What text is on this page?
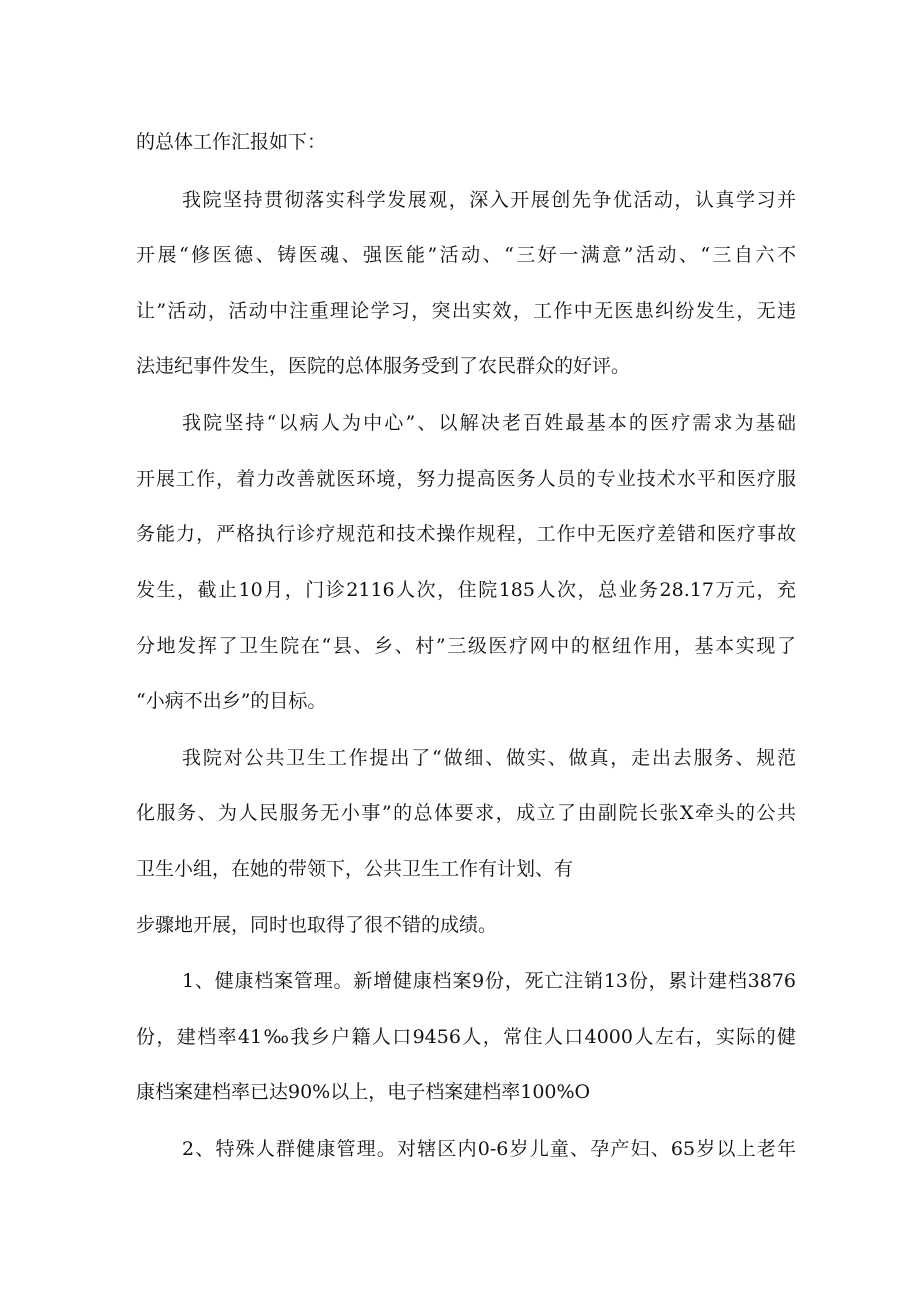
的总体工作汇报如下：
我院坚持贯彻落实科学发展观，深入开展创先争优活动，认真学习并
开展“修医德、铸医魂、强医能”活动、“三好一满意”活动、“三自六不
让”活动，活动中注重理论学习，突出实效，工作中无医患纠纷发生，无违
法违纪事件发生，医院的总体服务受到了农民群众的好评。
我院坚持“以病人为中心”、以解决老百姓最基本的医疗需求为基础
开展工作，着力改善就医环境，努力提高医务人员的专业技术水平和医疗服
务能力，严格执行诊疗规范和技术操作规程，工作中无医疗差错和医疗事故
发生，截止10月，门诊2116人次，住院185人次，总业务28.17万元，充
分地发挥了卫生院在“县、乡、村”三级医疗网中的枢纽作用，基本实现了
“小病不出乡”的目标。
我院对公共卫生工作提出了“做细、做实、做真，走出去服务、规范
化服务、为人民服务无小事”的总体要求，成立了由副院长张X牵头的公共
卫生小组，在她的带领下，公共卫生工作有计划、有
步骤地开展，同时也取得了很不错的成绩。
1、健康档案管理。新增健康档案9份，死亡注销13份，累计建档3876
份，建档率41‰我乡户籍人口9456人，常住人口4000人左右，实际的健
康档案建档率已达90%以上，电子档案建档率100%O
2、特殊人群健康管理。对辖区内0-6岁儿童、孕产妇、65岁以上老年
